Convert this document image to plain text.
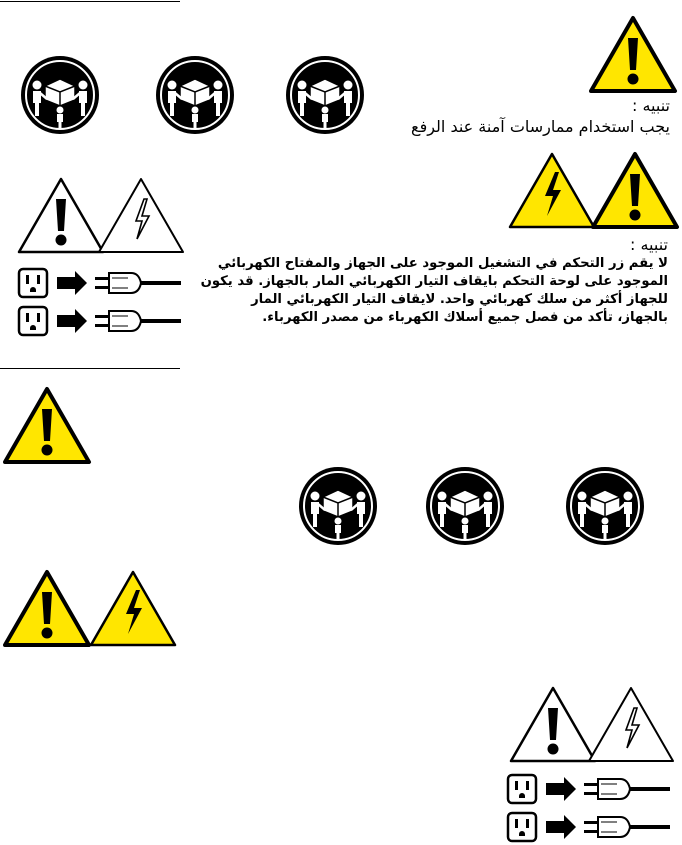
تنبيه :
يجب استخدام ممارسات آمنة عند الرفع
تنبيه :
لا يقم زر التحكم في التشغيل الموجود على الجهاز والمفتاح الكهربائي الموجود على لوحة التحكم بايقاف التيار الكهربائي المار بالجهاز. قد يكون للجهاز أكثر من سلك كهربائي واحد. لايقاف التيار الكهربائي المار بالجهاز، تأكد من فصل جميع أسلاك الكهرباء من مصدر الكهرباء.
